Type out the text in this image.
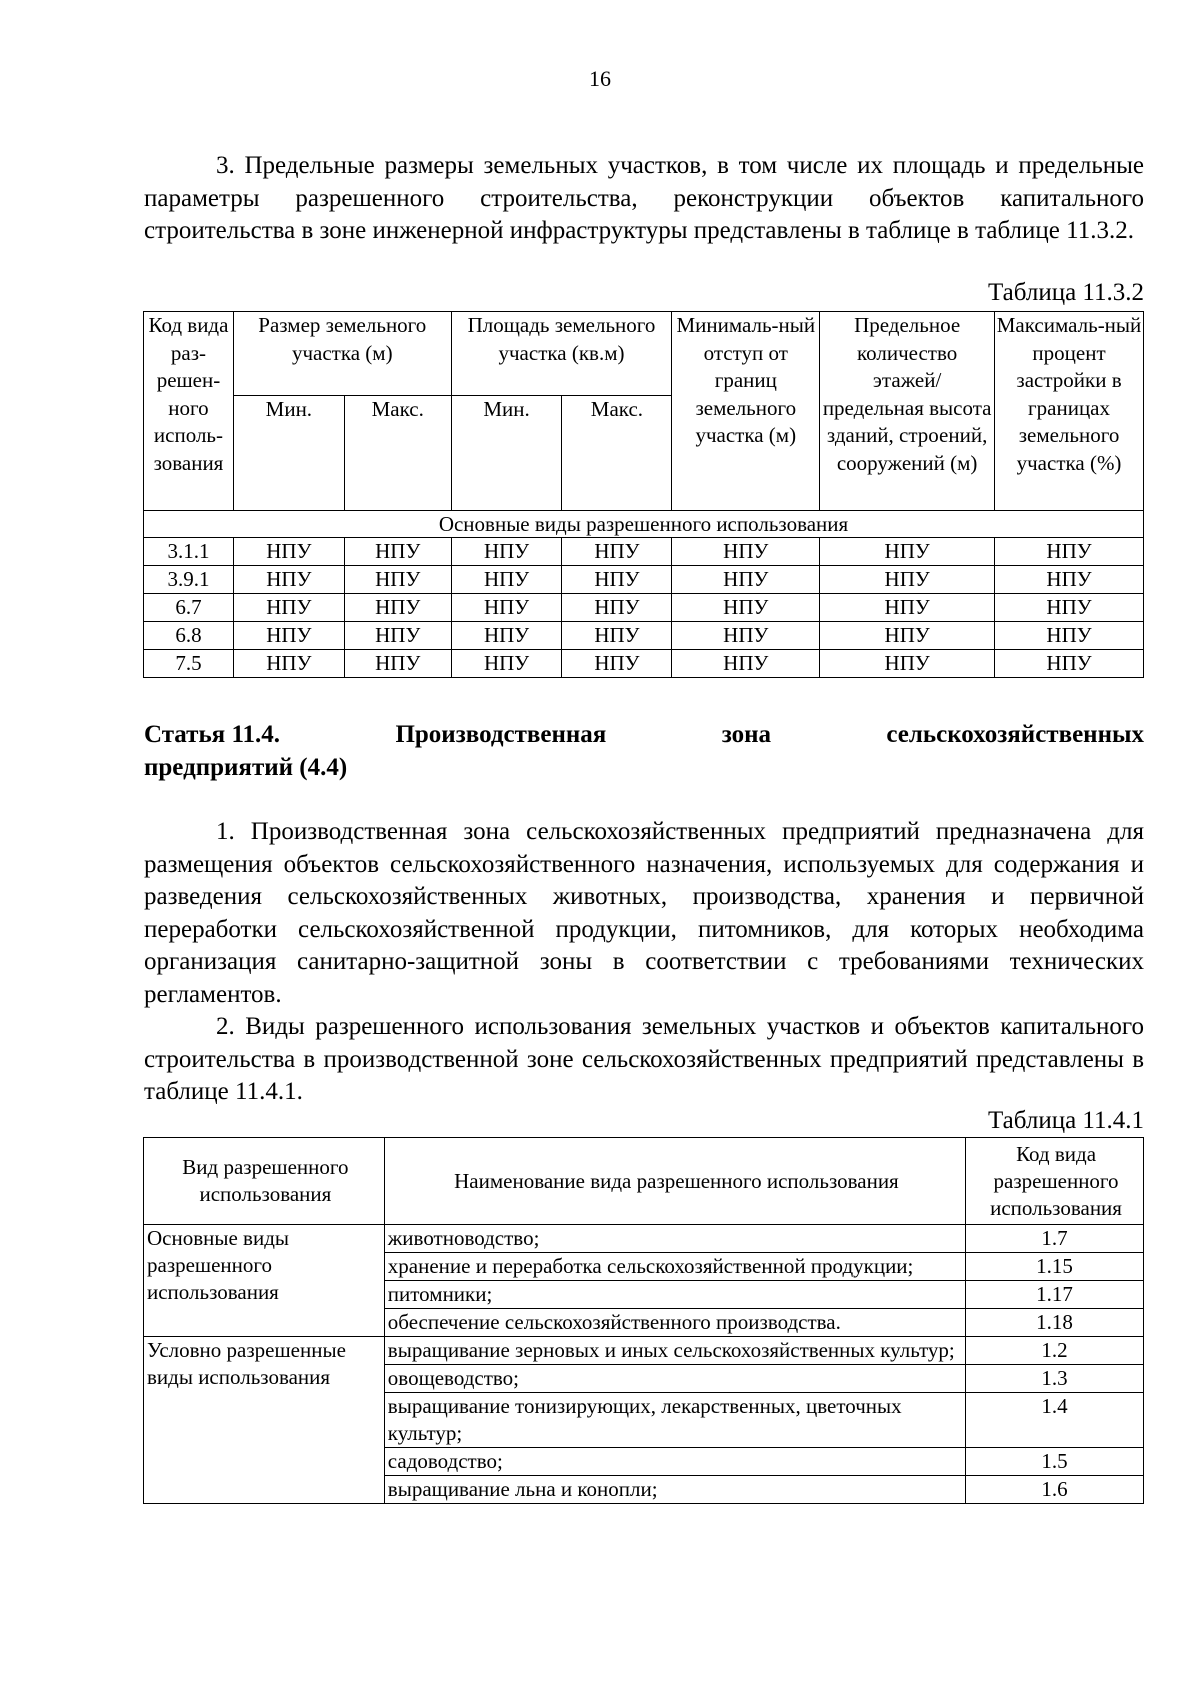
16

3. Предельные размеры земельных участков, в том числе их площадь и предельные параметры разрешенного строительства, реконструкции объектов капитального строительства в зоне инженерной инфраструктуры представлены в таблице в таблице 11.3.2.

Таблица 11.3.2
Код вида раз-решен-ного исполь-зования	Размер земельного участка (м)		Площадь земельного участка (кв.м)		Минималь-ный отступ от границ земельного участка (м)	Предельное количество этажей/ предельная высота зданий, строений, сооружений (м)	Максималь-ный процент застройки в границах земельного участка (%)
	Мин.	Макс.	Мин.	Макс.			
Основные виды разрешенного использования							
3.1.1	НПУ	НПУ	НПУ	НПУ	НПУ	НПУ	НПУ
3.9.1	НПУ	НПУ	НПУ	НПУ	НПУ	НПУ	НПУ
6.7	НПУ	НПУ	НПУ	НПУ	НПУ	НПУ	НПУ
6.8	НПУ	НПУ	НПУ	НПУ	НПУ	НПУ	НПУ
7.5	НПУ	НПУ	НПУ	НПУ	НПУ	НПУ	НПУ
Статья 11.4.	Производственная	зона	сельскохозяйственных
предприятий (4.4)

1. Производственная зона сельскохозяйственных предприятий предназначена для размещения объектов сельскохозяйственного назначения, используемых для содержания и разведения сельскохозяйственных животных, производства, хранения и первичной переработки сельскохозяйственной продукции, питомников, для которых необходима организация санитарно-защитной зоны в соответствии с требованиями технических регламентов.

2. Виды разрешенного использования земельных участков и объектов капитального строительства в производственной зоне сельскохозяйственных предприятий представлены в таблице 11.4.1.

Таблица 11.4.1
Вид разрешенного использования	Наименование вида разрешенного использования	Код вида разрешенного использования
Основные виды разрешенного использования	животноводство;	1.7
	хранение и переработка сельскохозяйственной продукции;	1.15
	питомники;	1.17
	обеспечение сельскохозяйственного производства.	1.18
Условно разрешенные виды использования	выращивание зерновых и иных сельскохозяйственных культур;	1.2
	овощеводство;	1.3
	выращивание тонизирующих, лекарственных, цветочных культур;	1.4
	садоводство;	1.5
	выращивание льна и конопли;	1.6
